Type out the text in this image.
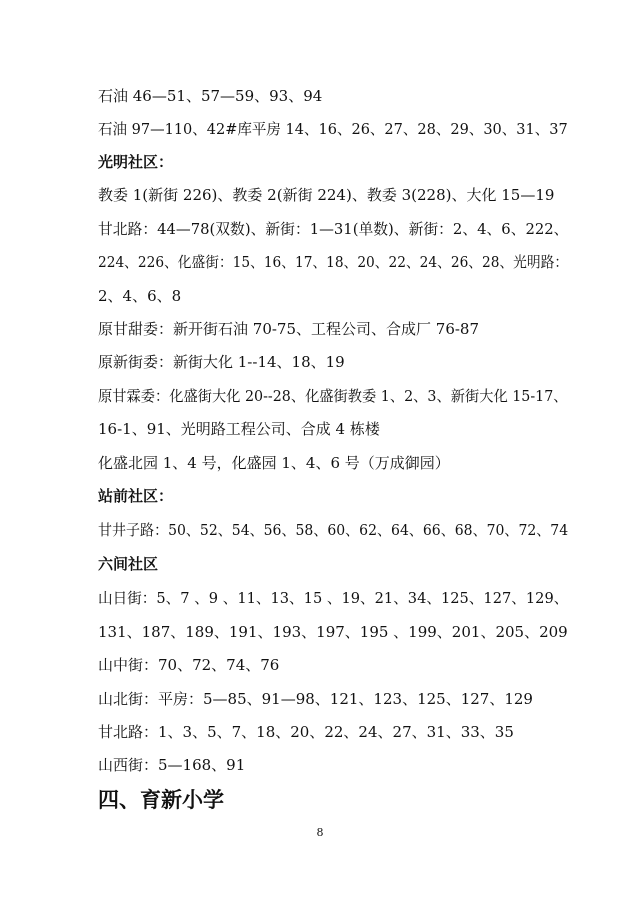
石油 46—51、57—59、93、94
石油 97—110、42#库平房 14、16、26、27、28、29、30、31、37
光明社区：
教委 1(新街 226)、教委 2(新街 224)、教委 3(228)、大化 15—19
甘北路：44—78(双数)、新街：1—31(单数)、新街：2、4、6、222、
224、226、化盛街：15、16、17、18、20、22、24、26、28、光明路：
2、4、6、8
原甘甜委：新开街石油 70-75、工程公司、合成厂 76-87
原新街委：新街大化 1--14、18、19
原甘霖委：化盛街大化 20--28、化盛街教委 1、2、3、新街大化 15-17、
16-1、91、光明路工程公司、合成 4 栋楼
化盛北园 1、4 号，化盛园 1、4、6 号（万成御园）
站前社区：
甘井子路：50、52、54、56、58、60、62、64、66、68、70、72、74
六间社区
山日街：5、7 、9 、11、13、15 、19、21、34、125、127、129、
131、187、189、191、193、197、195 、199、201、205、209
山中街：70、72、74、76
山北街：平房：5—85、91—98、121、123、125、127、129
甘北路：1、3、5、7、18、20、22、24、27、31、33、35
山西街：5—168、91
四、育新小学
8
